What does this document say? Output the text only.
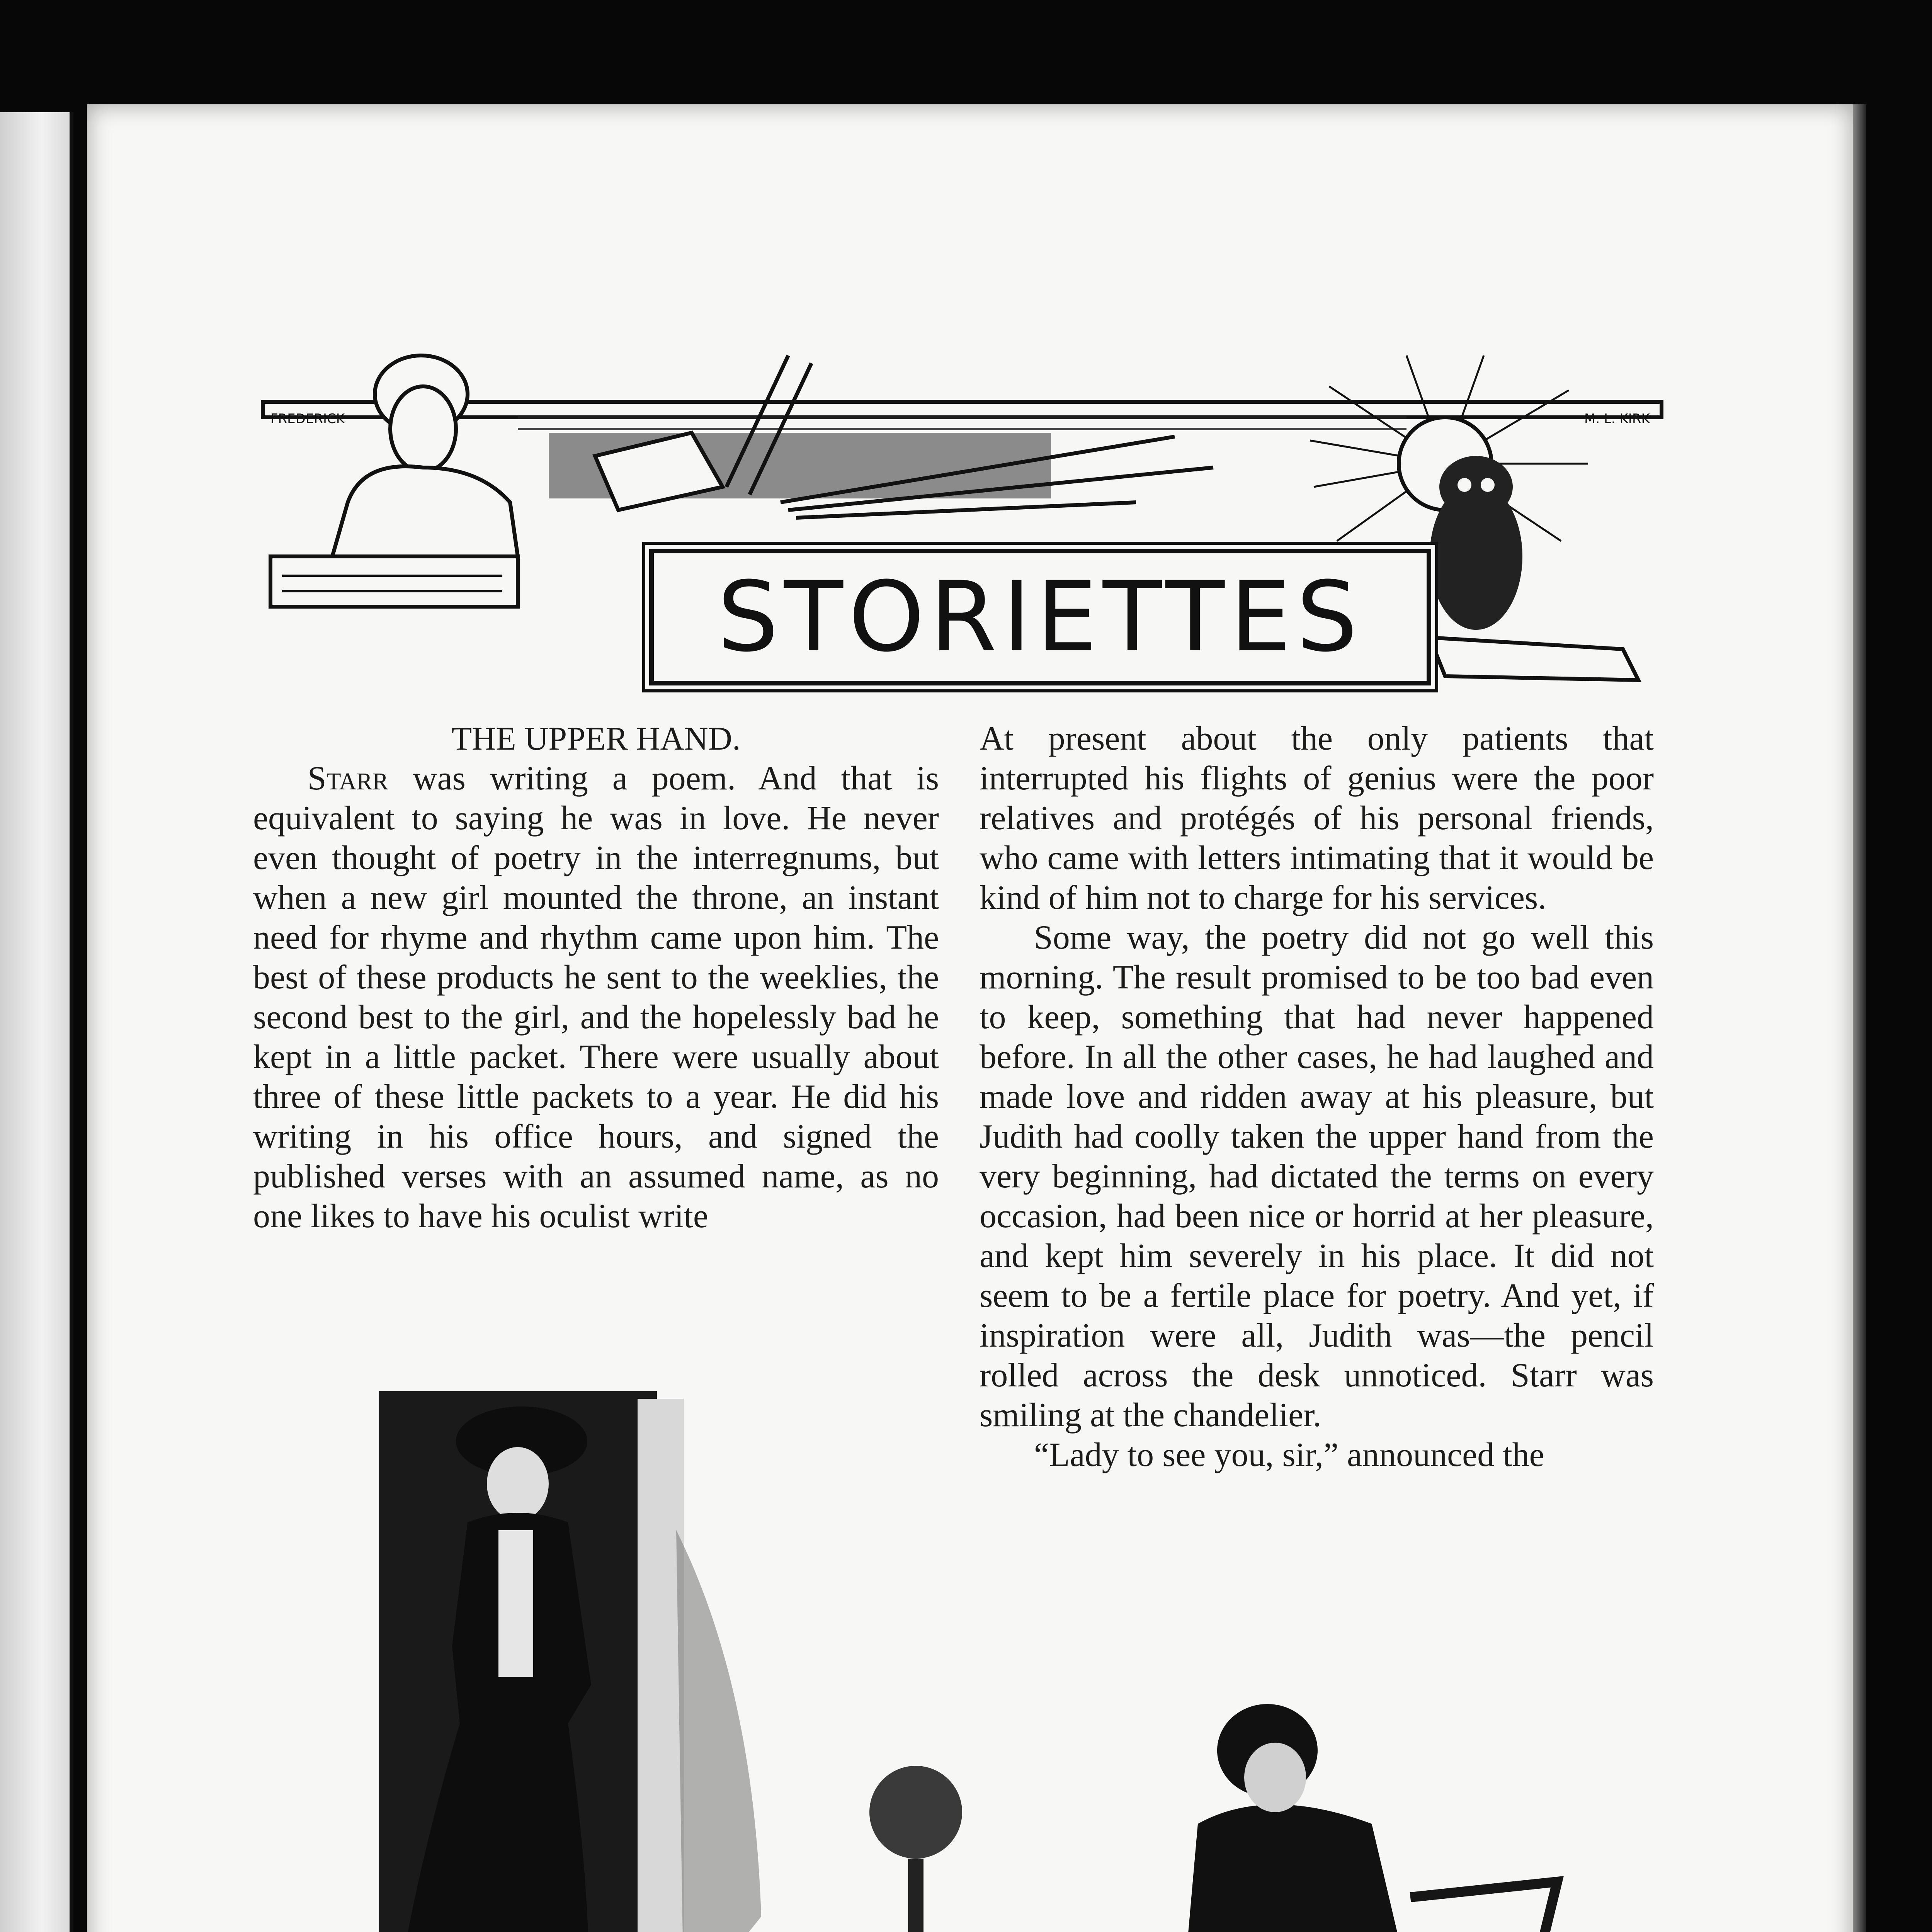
FREDERICK	M. L. KIRK
STORIETTES

THE UPPER HAND.

Starr was writing a poem. And that is equivalent to saying he was in love. He never even thought of poetry in the interregnums, but when a new girl mounted the throne, an instant need for rhyme and rhythm came upon him. The best of these products he sent to the weeklies, the second best to the girl, and the hopelessly bad he kept in a little packet. There were usually about three of these little packets to a year. He did his writing in his office hours, and signed the published verses with an assumed name, as no one likes to have his oculist write

At present about the only patients that interrupted his flights of genius were the poor relatives and protégés of his personal friends, who came with letters intimating that it would be kind of him not to charge for his services.

Some way, the poetry did not go well this morning. The result promised to be too bad even to keep, something that had never happened before. In all the other cases, he had laughed and made love and ridden away at his pleasure, but Judith had coolly taken the upper hand from the very beginning, had dictated the terms on every occasion, had been nice or horrid at her pleasure, and kept him severely in his place. It did not seem to be a fertile place for poetry. And yet, if inspiration were all, Judith was—the pencil rolled across the desk unnoticed. Starr was smiling at the chandelier.

“Lady to see you, sir,” announced the
